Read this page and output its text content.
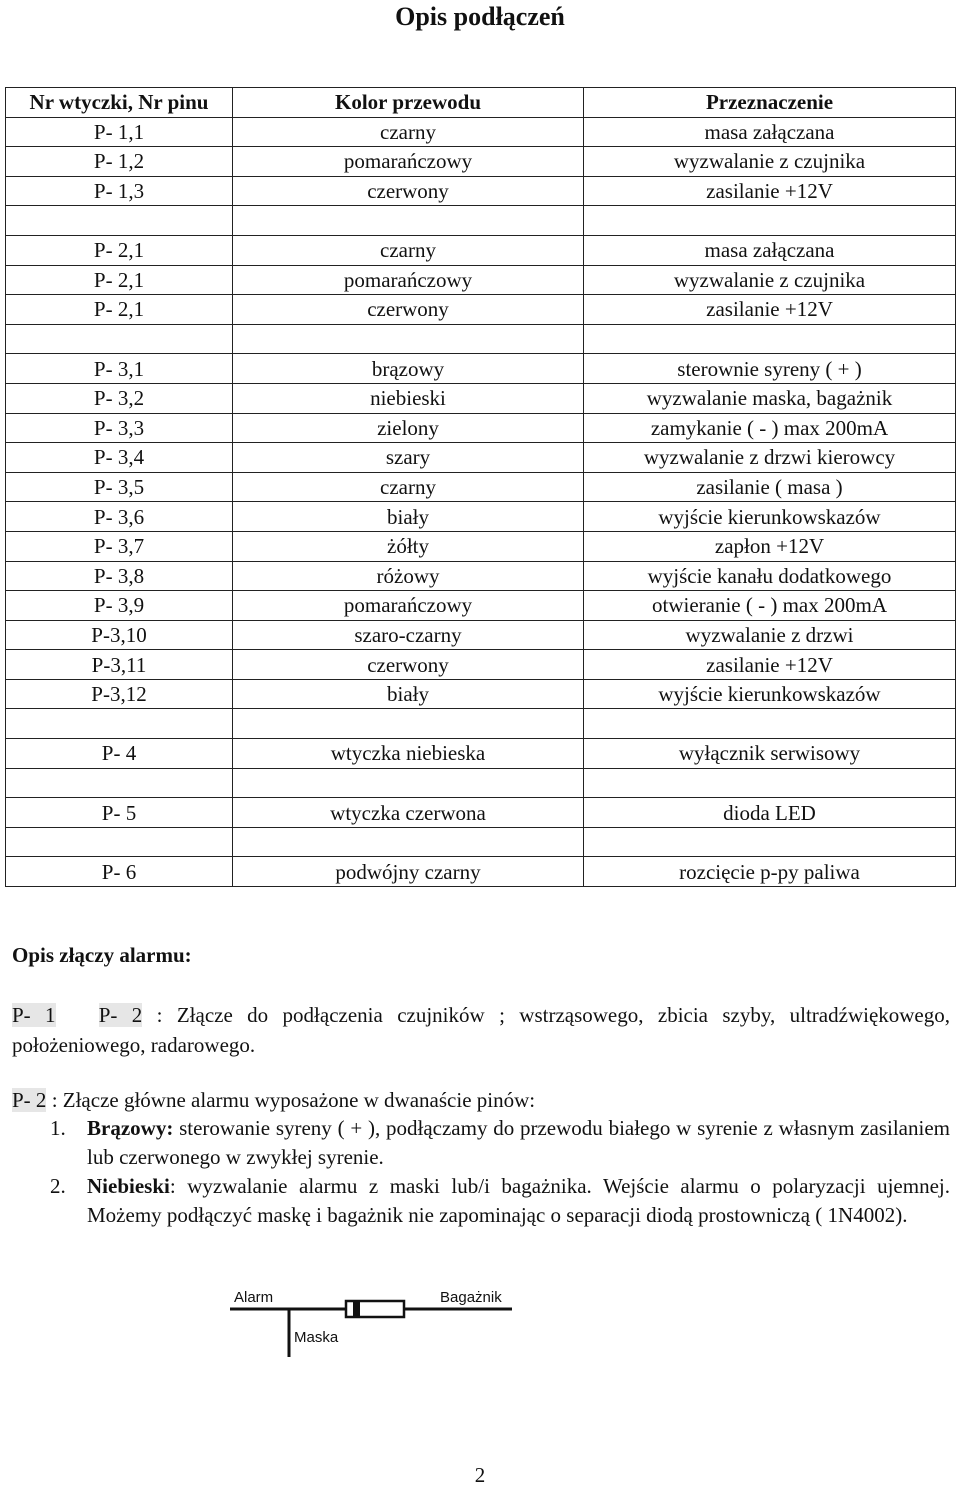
Opis podłączeń
Nr wtyczki, Nr pinu	Kolor przewodu	Przeznaczenie
P- 1,1	czarny	masa załączana
P- 1,2	pomarańczowy	wyzwalanie z czujnika
P- 1,3	czerwony	zasilanie +12V

P- 2,1	czarny	masa załączana
P- 2,1	pomarańczowy	wyzwalanie z czujnika
P- 2,1	czerwony	zasilanie +12V

P- 3,1	brązowy	sterownie syreny ( + )
P- 3,2	niebieski	wyzwalanie maska, bagażnik
P- 3,3	zielony	zamykanie ( - ) max 200mA
P- 3,4	szary	wyzwalanie z drzwi kierowcy
P- 3,5	czarny	zasilanie ( masa )
P- 3,6	biały	wyjście kierunkowskazów
P- 3,7	żółty	zapłon +12V
P- 3,8	różowy	wyjście kanału dodatkowego
P- 3,9	pomarańczowy	otwieranie ( - ) max 200mA
P-3,10	szaro-czarny	wyzwalanie z drzwi
P-3,11	czerwony	zasilanie +12V
P-3,12	biały	wyjście kierunkowskazów

P- 4	wtyczka niebieska	wyłącznik serwisowy

P- 5	wtyczka czerwona	dioda LED

P- 6	podwójny czarny	rozcięcie p-py paliwa
Opis złączy alarmu:
P- 1 P- 2 : Złącze do podłączenia czujników ; wstrząsowego, zbicia szyby, ultradźwiękowego, położeniowego, radarowego.
P- 2 : Złącze główne alarmu wyposażone w dwanaście pinów:
1. Brązowy: sterowanie syreny ( + ), podłączamy do przewodu białego w syrenie z własnym zasilaniem lub czerwonego w zwykłej syrenie.
2. Niebieski: wyzwalanie alarmu z maski lub/i bagażnika. Wejście alarmu o polaryzacji ujemnej. Możemy podłączyć maskę i bagażnik nie zapominając o separacji diodą prostowniczą ( 1N4002).
Alarm	Bagażnik
Maska
2
